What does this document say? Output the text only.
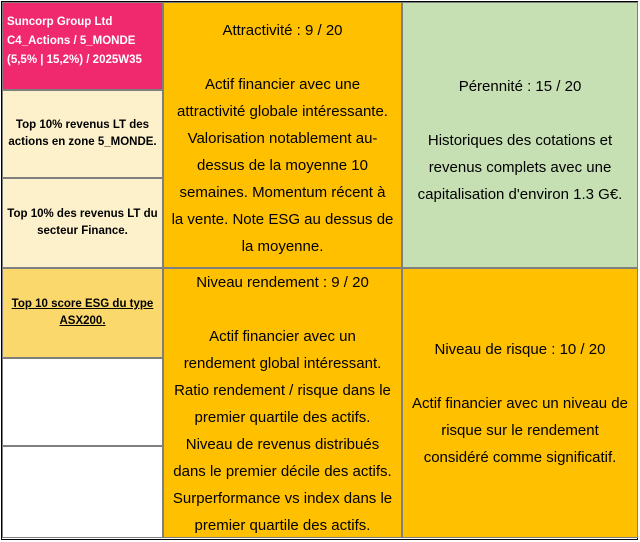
Suncorp Group Ltd
C4_Actions / 5_MONDE
(5,5% | 15,2%) / 2025W35
Top 10% revenus LT des actions en zone 5_MONDE.
Top 10% des revenus LT du secteur Finance.
Top 10 score ESG du type ASX200.
Attractivité : 9 / 20
Actif financier avec une
attractivité globale intéressante.
Valorisation notablement au-
dessus de la moyenne 10
semaines. Momentum récent à
la vente. Note ESG au dessus de
la moyenne.
Pérennité : 15 / 20
Historiques des cotations et
revenus complets avec une
capitalisation d'environ 1.3 G€.
Niveau rendement : 9 / 20
Actif financier avec un
rendement global intéressant.
Ratio rendement / risque dans le
premier quartile des actifs.
Niveau de revenus distribués
dans le premier décile des actifs.
Surperformance vs index dans le
premier quartile des actifs.
Niveau de risque : 10 / 20
Actif financier avec un niveau de
risque sur le rendement
considéré comme significatif.
